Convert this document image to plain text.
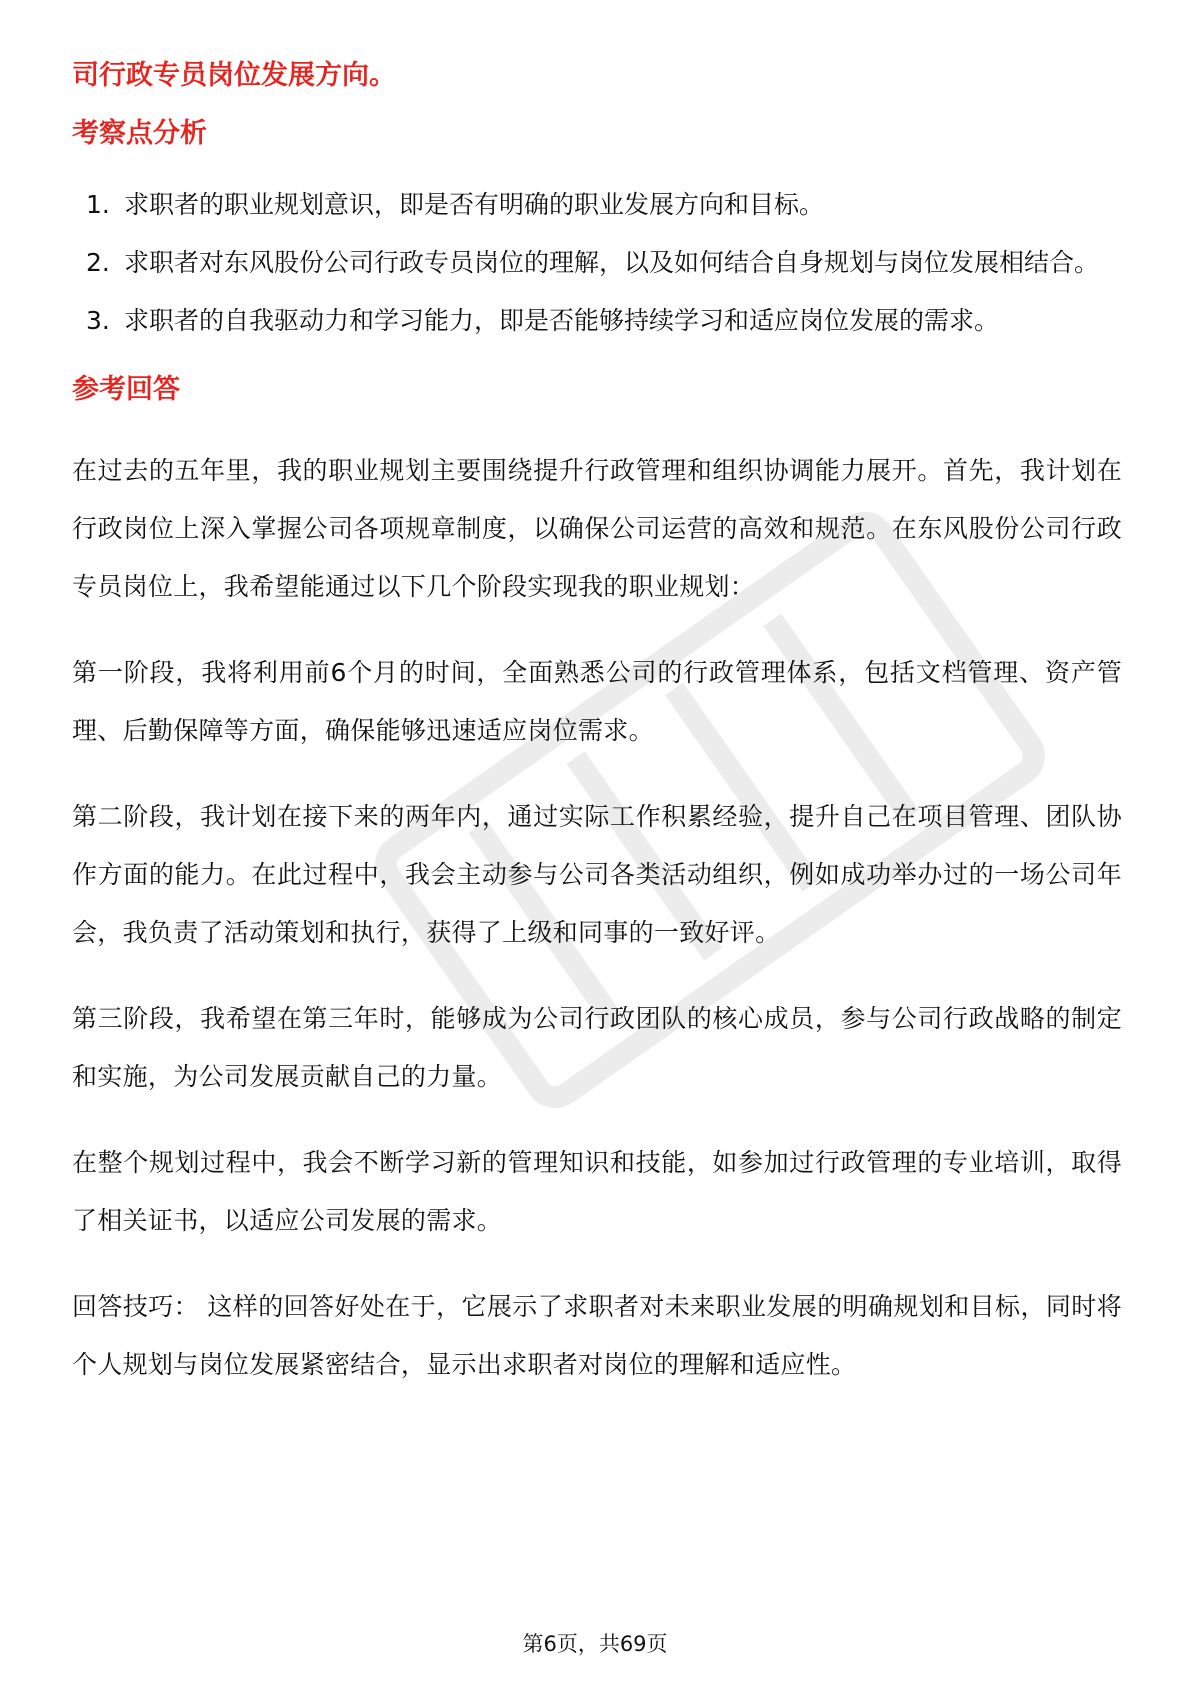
司行政专员岗位发展方向。
考察点分析
1. 求职者的职业规划意识，即是否有明确的职业发展方向和目标。
2. 求职者对东风股份公司行政专员岗位的理解，以及如何结合自身规划与岗位发展相结合。
3. 求职者的自我驱动力和学习能力，即是否能够持续学习和适应岗位发展的需求。
参考回答

在过去的五年里，我的职业规划主要围绕提升行政管理和组织协调能力展开。首先，我计划在行政岗位上深入掌握公司各项规章制度，以确保公司运营的高效和规范。在东风股份公司行政专员岗位上，我希望能通过以下几个阶段实现我的职业规划：

第一阶段，我将利用前6个月的时间，全面熟悉公司的行政管理体系，包括文档管理、资产管理、后勤保障等方面，确保能够迅速适应岗位需求。

第二阶段，我计划在接下来的两年内，通过实际工作积累经验，提升自己在项目管理、团队协作方面的能力。在此过程中，我会主动参与公司各类活动组织，例如成功举办过的一场公司年会，我负责了活动策划和执行，获得了上级和同事的一致好评。

第三阶段，我希望在第三年时，能够成为公司行政团队的核心成员，参与公司行政战略的制定和实施，为公司发展贡献自己的力量。

在整个规划过程中，我会不断学习新的管理知识和技能，如参加过行政管理的专业培训，取得了相关证书，以适应公司发展的需求。

回答技巧： 这样的回答好处在于，它展示了求职者对未来职业发展的明确规划和目标，同时将个人规划与岗位发展紧密结合，显示出求职者对岗位的理解和适应性。

第6页，共69页
